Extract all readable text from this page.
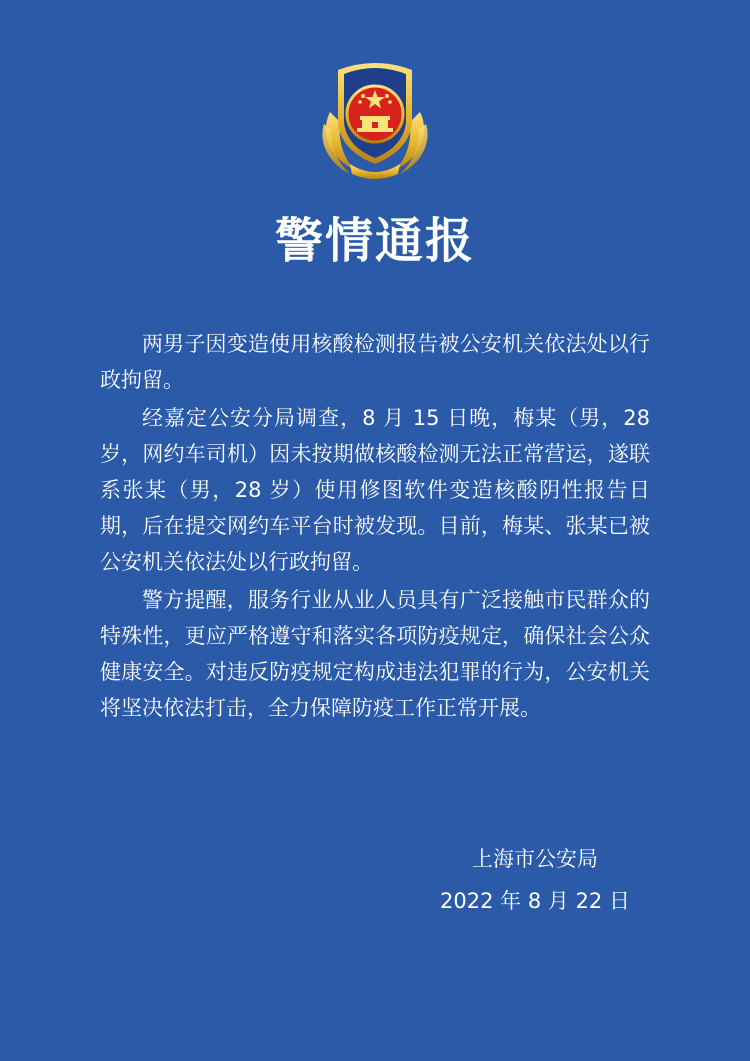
警情通报

两男子因变造使用核酸检测报告被公安机关依法处以行政拘留。

经嘉定公安分局调查，8 月 15 日晚，梅某（男，28 岁，网约车司机）因未按期做核酸检测无法正常营运，遂联系张某（男，28 岁）使用修图软件变造核酸阴性报告日期，后在提交网约车平台时被发现。目前，梅某、张某已被公安机关依法处以行政拘留。

警方提醒，服务行业从业人员具有广泛接触市民群众的特殊性，更应严格遵守和落实各项防疫规定，确保社会公众健康安全。对违反防疫规定构成违法犯罪的行为，公安机关将坚决依法打击，全力保障防疫工作正常开展。

上海市公安局
2022 年 8 月 22 日
